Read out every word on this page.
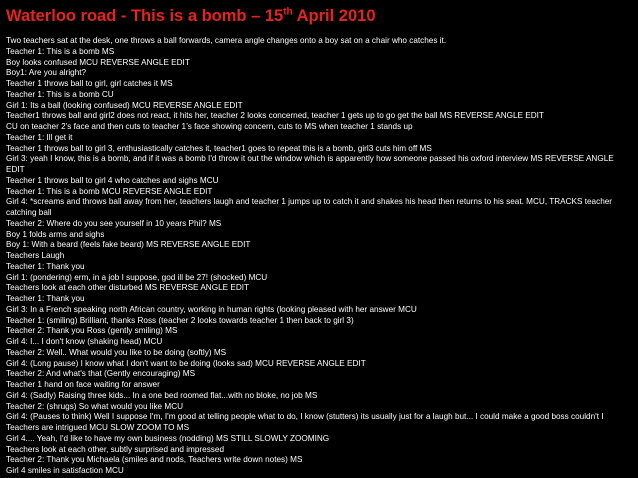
Waterloo road - This is a bomb – 15th April 2010

Two teachers sat at the desk, one throws a ball forwards, camera angle changes onto a boy sat on a chair who catches it.

Teacher 1: This is a bomb MS

Boy looks confused MCU REVERSE ANGLE EDIT

Boy1: Are you alright?

Teacher 1 throws ball to girl, girl catches it MS

Teacher 1: This is a bomb CU

Girl 1: Its a ball (looking confused) MCU REVERSE ANGLE EDIT

Teacher1 throws ball and girl2 does not react, it hits her, teacher 2 looks concerned, teacher 1 gets up to go get the ball MS REVERSE ANGLE EDIT

CU on teacher 2’s face and then cuts to teacher 1’s face showing concern, cuts to MS when teacher 1 stands up

Teacher 1: Ill get it

Teacher 1 throws ball to girl 3, enthusiastically catches it, teacher1 goes to repeat this is a bomb, girl3 cuts him off MS

Girl 3: yeah I know, this is a bomb, and if it was a bomb I'd throw it out the window which is apparently how someone passed his oxford interview MS REVERSE ANGLE EDIT

Teacher 1 throws ball to girl 4 who catches and sighs MCU

Teacher 1: This is a bomb MCU REVERSE ANGLE EDIT

Girl 4: *screams and throws ball away from her, teachers laugh and teacher 1 jumps up to catch it and shakes his head then returns to his seat. MCU, TRACKS teacher catching ball

Teacher 2: Where do you see yourself in 10 years Phil? MS

Boy 1 folds arms and sighs

Boy 1: With a beard (feels fake beard) MS REVERSE ANGLE EDIT

Teachers Laugh

Teacher 1: Thank you

Girl 1: (pondering) erm, in a job I suppose, god ill be 27! (shocked) MCU

Teachers look at each other disturbed MS REVERSE ANGLE EDIT

Teacher 1: Thank you

Girl 3: In a French speaking north African country, working in human rights (looking pleased with her answer MCU

Teacher 1: (smiling) Brilliant, thanks Ross (teacher 2 looks towards teacher 1 then back to girl 3)

Teacher 2: Thank you Ross (gently smiling) MS

Girl 4: I... I don't know (shaking head) MCU

Teacher 2: Well.. What would you like to be doing (softly) MS

Girl 4: (Long pause) I know what I don't want to be doing (looks sad) MCU REVERSE ANGLE EDIT

Teacher 2: And what's that (Gently encouraging) MS

Teacher 1 hand on face waiting for answer

Girl 4: (Sadly) Raising three kids... In a one bed roomed flat...with no bloke, no job MS

Teacher 2: (shrugs) So what would you like MCU

Girl 4: (Pauses to think) Well I suppose I'm, I'm good at telling people what to do, I know (stutters) its usually just for a laugh but... I could make a good boss couldn't I

Teachers are intrigued MCU SLOW ZOOM TO MS

Girl 4.... Yeah, I'd like to have my own business (nodding) MS STILL SLOWLY ZOOMING

Teachers look at each other, subtly surprised and impressed

Teacher 2: Thank you Michaela (smiles and nods, Teachers write down notes) MS

Girl 4 smiles in satisfaction MCU
